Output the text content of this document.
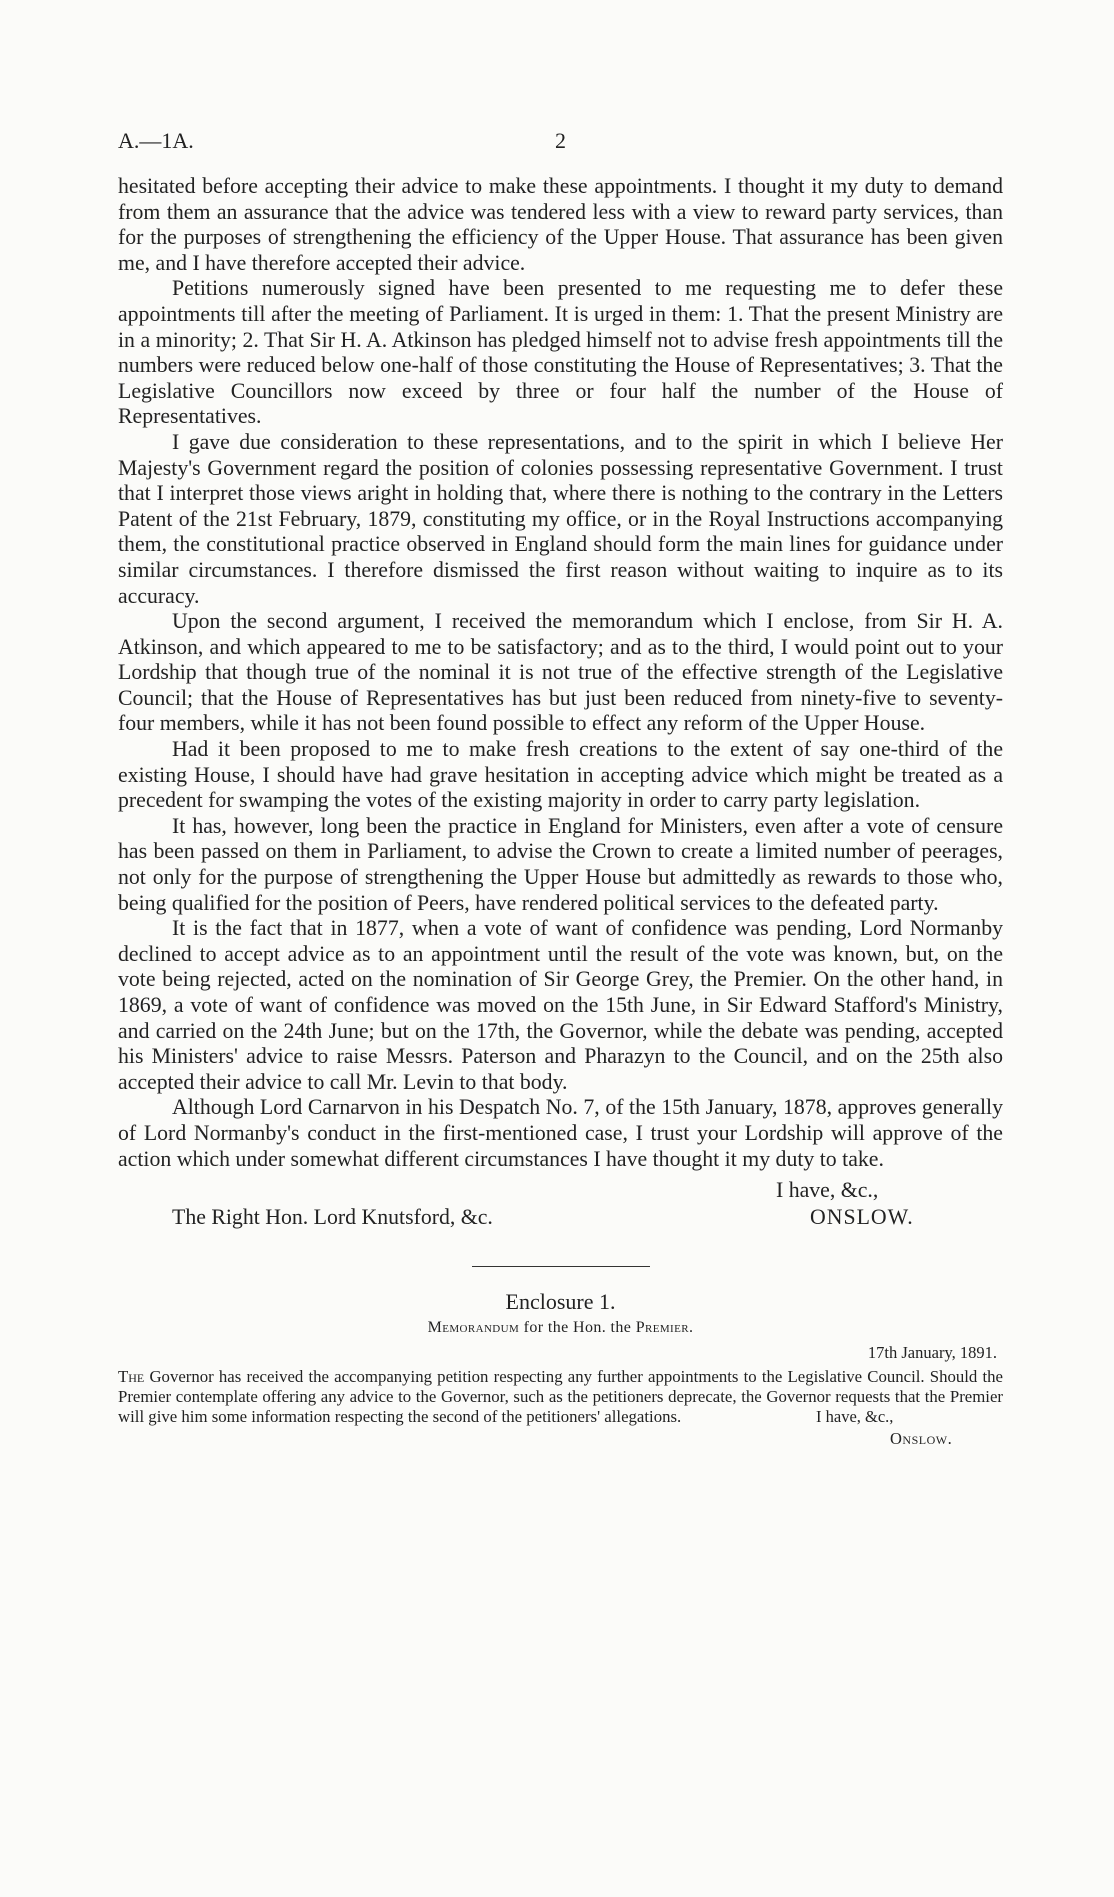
A.—1A.	2

hesitated before accepting their advice to make these appointments. I thought it my duty to demand from them an assurance that the advice was tendered less with a view to reward party services, than for the purposes of strengthening the efficiency of the Upper House. That assurance has been given me, and I have therefore accepted their advice.

Petitions numerously signed have been presented to me requesting me to defer these appointments till after the meeting of Parliament. It is urged in them: 1. That the present Ministry are in a minority; 2. That Sir H. A. Atkinson has pledged himself not to advise fresh appointments till the numbers were reduced below one-half of those constituting the House of Representatives; 3. That the Legislative Councillors now exceed by three or four half the number of the House of Representatives.

I gave due consideration to these representations, and to the spirit in which I believe Her Majesty's Government regard the position of colonies possessing representative Government. I trust that I interpret those views aright in holding that, where there is nothing to the contrary in the Letters Patent of the 21st February, 1879, constituting my office, or in the Royal Instructions accompanying them, the constitutional practice observed in England should form the main lines for guidance under similar circumstances. I therefore dismissed the first reason without waiting to inquire as to its accuracy.

Upon the second argument, I received the memorandum which I enclose, from Sir H. A. Atkinson, and which appeared to me to be satisfactory; and as to the third, I would point out to your Lordship that though true of the nominal it is not true of the effective strength of the Legislative Council; that the House of Representatives has but just been reduced from ninety-five to seventy-four members, while it has not been found possible to effect any reform of the Upper House.

Had it been proposed to me to make fresh creations to the extent of say one-third of the existing House, I should have had grave hesitation in accepting advice which might be treated as a precedent for swamping the votes of the existing majority in order to carry party legislation.

It has, however, long been the practice in England for Ministers, even after a vote of censure has been passed on them in Parliament, to advise the Crown to create a limited number of peerages, not only for the purpose of strengthening the Upper House but admittedly as rewards to those who, being qualified for the position of Peers, have rendered political services to the defeated party.

It is the fact that in 1877, when a vote of want of confidence was pending, Lord Normanby declined to accept advice as to an appointment until the result of the vote was known, but, on the vote being rejected, acted on the nomination of Sir George Grey, the Premier. On the other hand, in 1869, a vote of want of confidence was moved on the 15th June, in Sir Edward Stafford's Ministry, and carried on the 24th June; but on the 17th, the Governor, while the debate was pending, accepted his Ministers' advice to raise Messrs. Paterson and Pharazyn to the Council, and on the 25th also accepted their advice to call Mr. Levin to that body.

Although Lord Carnarvon in his Despatch No. 7, of the 15th January, 1878, approves generally of Lord Normanby's conduct in the first-mentioned case, I trust your Lordship will approve of the action which under somewhat different circumstances I have thought it my duty to take.

I have, &c.,
The Right Hon. Lord Knutsford, &c.	ONSLOW.
Enclosure 1.
Memorandum for the Hon. the Premier.
17th January, 1891.

The Governor has received the accompanying petition respecting any further appointments to the Legislative Council. Should the Premier contemplate offering any advice to the Governor, such as the petitioners deprecate, the Governor requests that the Premier will give him some information respecting the second of the petitioners' allegations.	I have, &c.,
Onslow.
